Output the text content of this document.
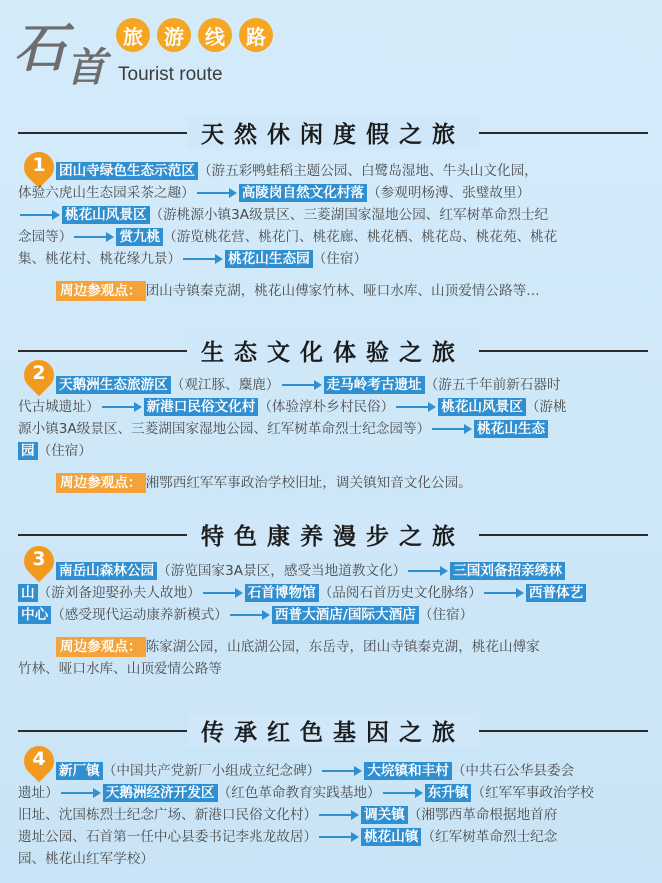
石 首
旅	游	线	路
Tourist route
天然休闲度假之旅
1 团山寺绿色生态示范区 （游五彩鸭蛙稻主题公园、白鹭岛湿地、牛头山文化园，
体验六虎山生态园采茶之趣）	高陵岗自然文化村落 （参观明杨溥、张璧故里）
桃花山风景区 （游桃源小镇3A级景区、三菱湖国家湿地公园、红军树革命烈士纪
念园等）	赏九桃 （游览桃花营、桃花门、桃花廊、桃花栖、桃花岛、桃花苑、桃花
集、桃花村、桃花缘九景）	桃花山生态园 （住宿）
周边参观点： 团山寺镇秦克湖，桃花山傅家竹林、哑口水库、山顶爱情公路等…
生态文化体验之旅
2
天鹅洲生态旅游区 （观江豚、麋鹿）	走马岭考古遗址 （游五千年前新石器时
代古城遗址）	新港口民俗文化村 （体验淳朴乡村民俗）	桃花山风景区 （游桃
源小镇3A级景区、三菱湖国家湿地公园、红军树革命烈士纪念园等）	桃花山生态
园 （住宿）
周边参观点： 湘鄂西红军军事政治学校旧址，调关镇知音文化公园。
特色康养漫步之旅
3
南岳山森林公园 （游览国家3A景区，感受当地道教文化）	三国刘备招亲绣林
山 （游刘备迎娶孙夫人故地）	石首博物馆 （品阅石首历史文化脉络）	西普体艺
中心 （感受现代运动康养新模式）	西普大酒店/国际大酒店 （住宿）
周边参观点： 陈家湖公园，山底湖公园，东岳寺，团山寺镇秦克湖，桃花山傅家
竹林、哑口水库、山顶爱情公路等
传承红色基因之旅
4
新厂镇 （中国共产党新厂小组成立纪念碑）	大垸镇和丰村 （中共石公华县委会
遗址）	天鹅洲经济开发区 （红色革命教育实践基地）	东升镇 （红军军事政治学校
旧址、沈国栋烈士纪念广场、新港口民俗文化村）	调关镇 （湘鄂西革命根据地首府
遗址公园、石首第一任中心县委书记李兆龙故居）	桃花山镇 （红军树革命烈士纪念
园、桃花山红军学校）
